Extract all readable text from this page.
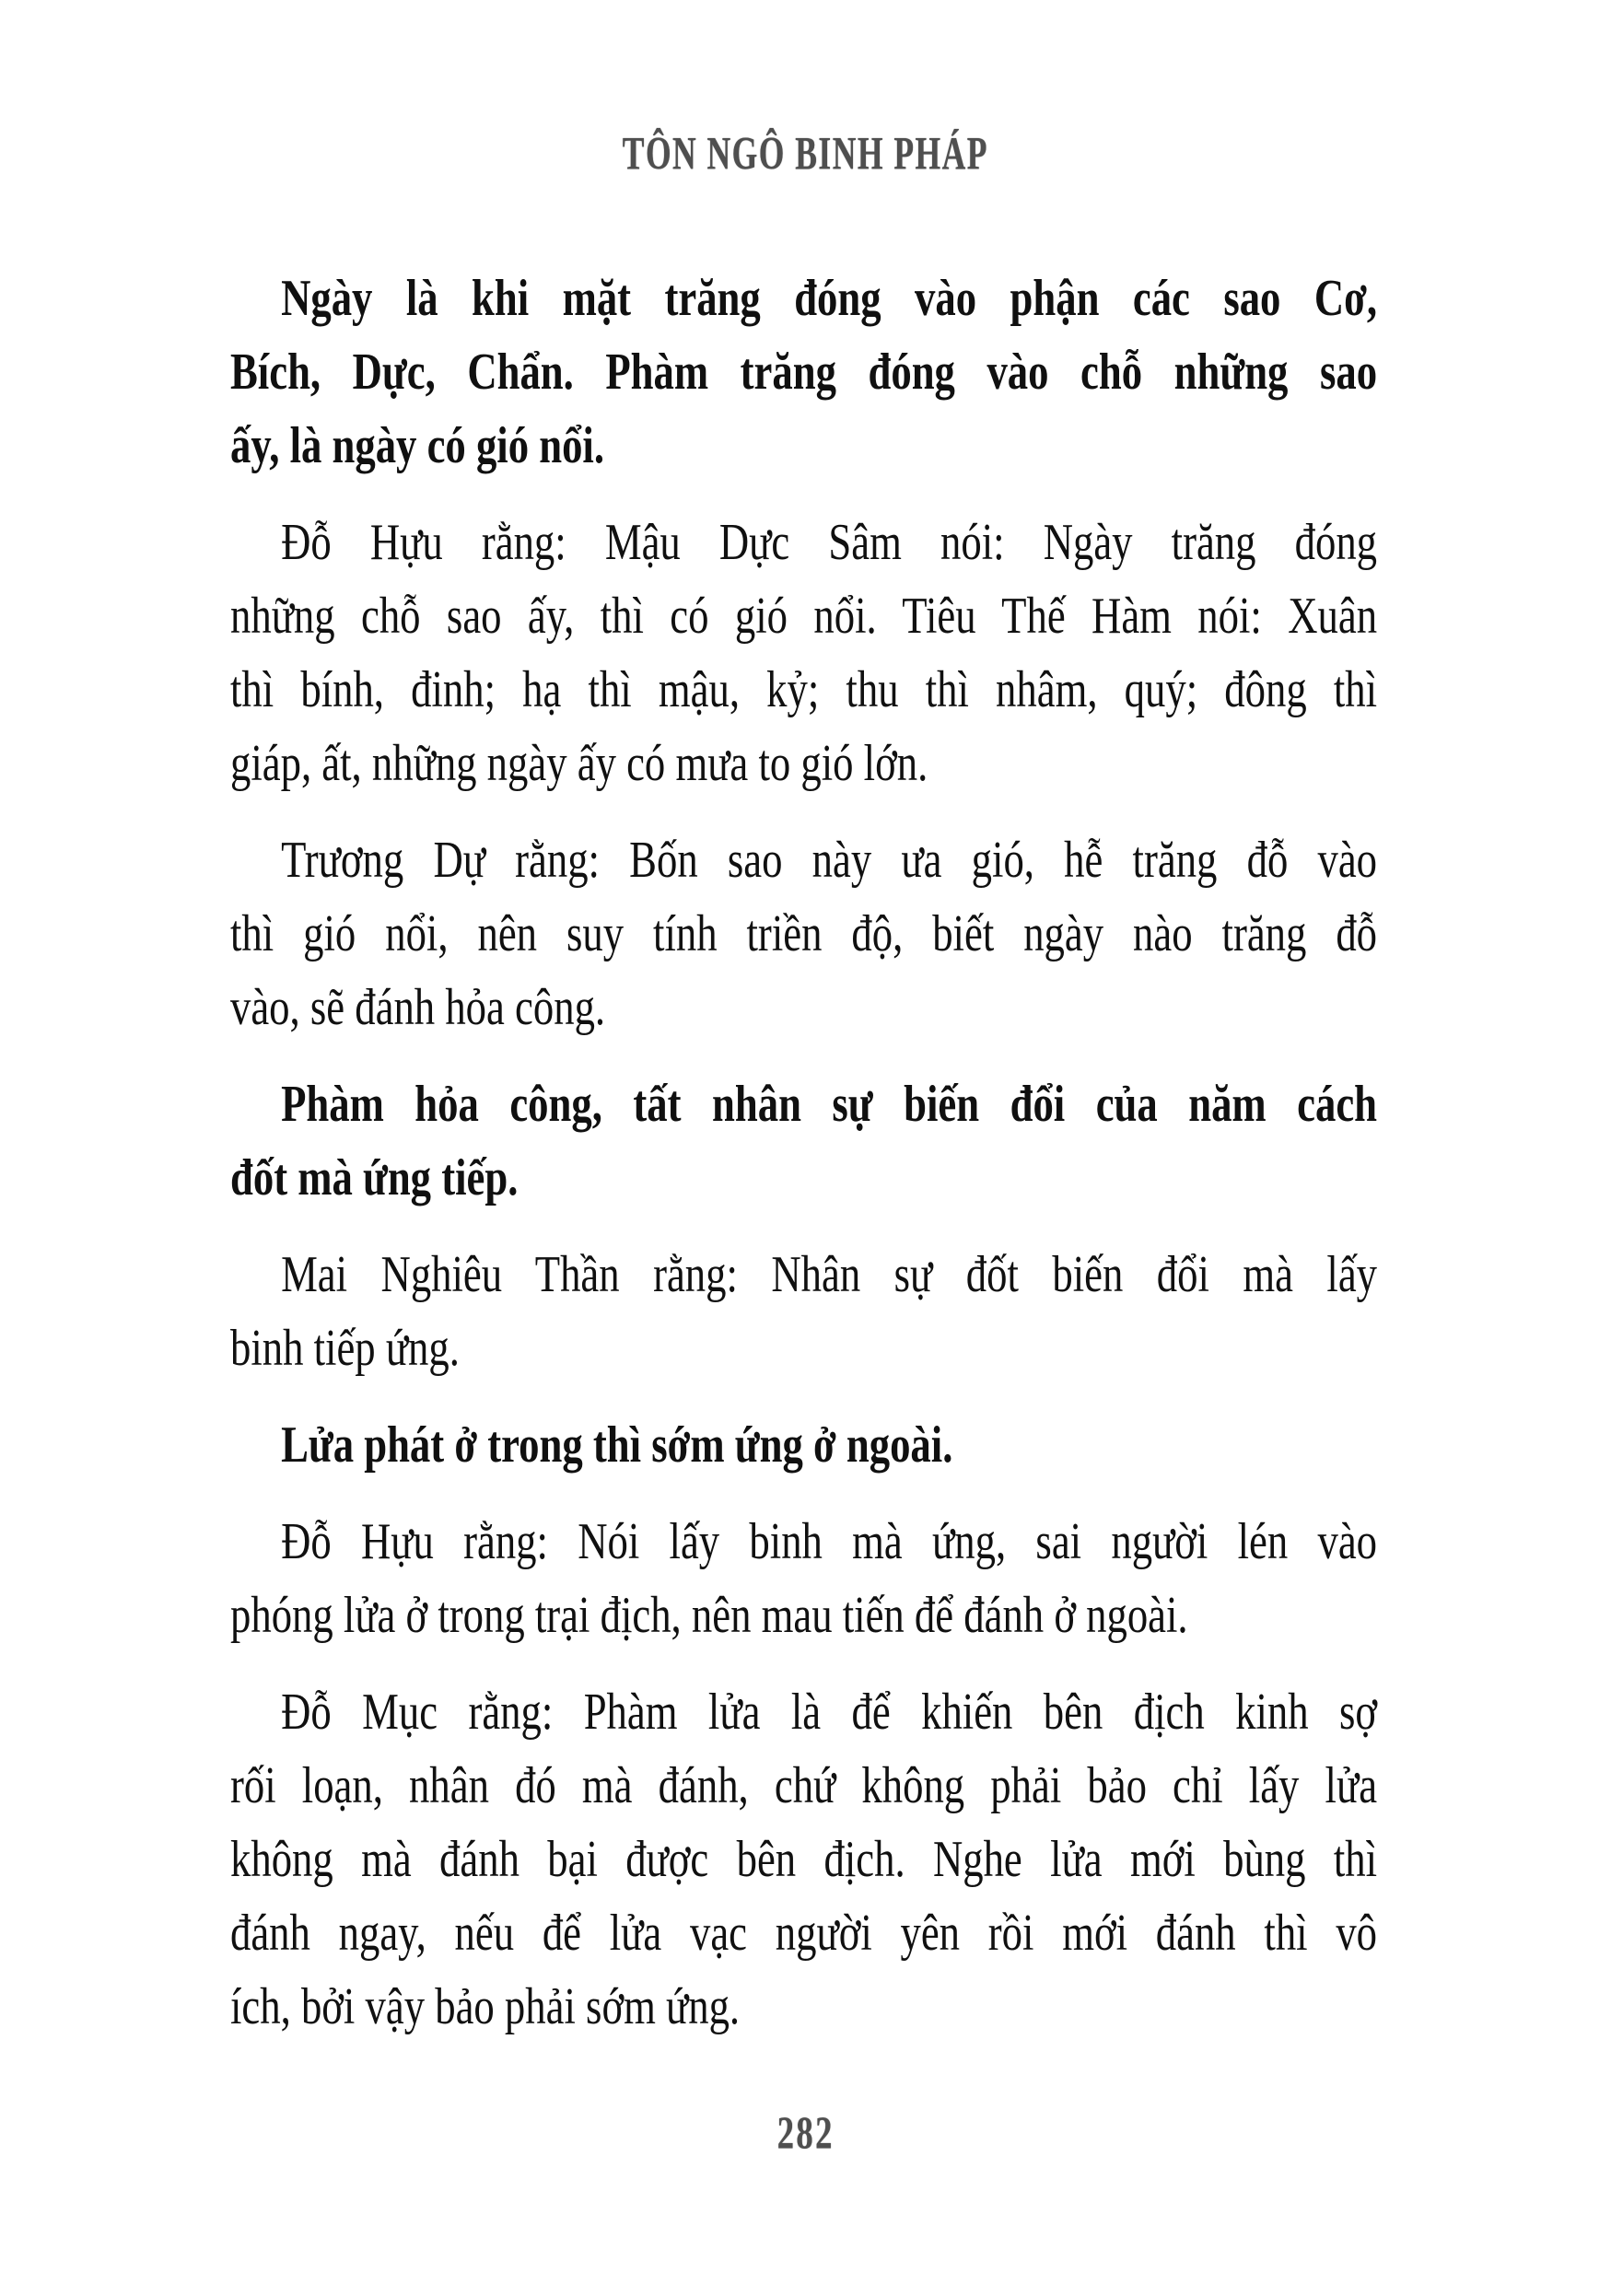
TÔN NGÔ BINH PHÁP
Ngày là khi mặt trăng đóng vào phận các sao Cơ,
Bích, Dực, Chẩn. Phàm trăng đóng vào chỗ những sao
ấy, là ngày có gió nổi.
Đỗ Hựu rằng: Mậu Dực Sâm nói: Ngày trăng đóng
những chỗ sao ấy, thì có gió nổi. Tiêu Thế Hàm nói: Xuân
thì bính, đinh; hạ thì mậu, kỷ; thu thì nhâm, quý; đông thì
giáp, ất, những ngày ấy có mưa to gió lớn.
Trương Dự rằng: Bốn sao này ưa gió, hễ trăng đỗ vào
thì gió nổi, nên suy tính triền độ, biết ngày nào trăng đỗ
vào, sẽ đánh hỏa công.
Phàm hỏa công, tất nhân sự biến đổi của năm cách
đốt mà ứng tiếp.
Mai Nghiêu Thần rằng: Nhân sự đốt biến đổi mà lấy
binh tiếp ứng.
Lửa phát ở trong thì sớm ứng ở ngoài.
Đỗ Hựu rằng: Nói lấy binh mà ứng, sai người lén vào
phóng lửa ở trong trại địch, nên mau tiến để đánh ở ngoài.
Đỗ Mục rằng: Phàm lửa là để khiến bên địch kinh sợ
rối loạn, nhân đó mà đánh, chứ không phải bảo chỉ lấy lửa
không mà đánh bại được bên địch. Nghe lửa mới bùng thì
đánh ngay, nếu để lửa vạc người yên rồi mới đánh thì vô
ích, bởi vậy bảo phải sớm ứng.
282
